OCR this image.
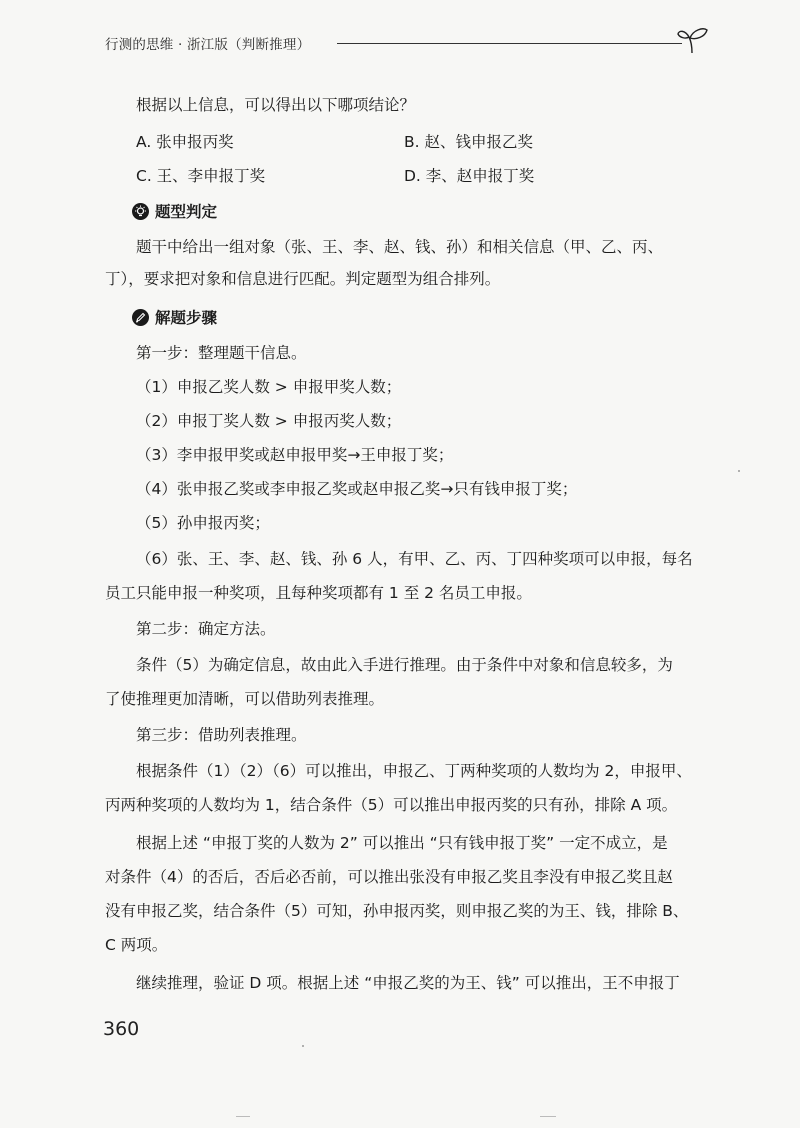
行测的思维 · 浙江版（判断推理）
根据以上信息，可以得出以下哪项结论？
A. 张申报丙奖	B. 赵、钱申报乙奖
C. 王、李申报丁奖	D. 李、赵申报丁奖
题型判定
题干中给出一组对象（张、王、李、赵、钱、孙）和相关信息（甲、乙、丙、
丁），要求把对象和信息进行匹配。判定题型为组合排列。
解题步骤
第一步：整理题干信息。
（1）申报乙奖人数 > 申报甲奖人数；
（2）申报丁奖人数 > 申报丙奖人数；
（3）李申报甲奖或赵申报甲奖→王申报丁奖；
（4）张申报乙奖或李申报乙奖或赵申报乙奖→只有钱申报丁奖；
（5）孙申报丙奖；
（6）张、王、李、赵、钱、孙 6 人，有甲、乙、丙、丁四种奖项可以申报，每名
员工只能申报一种奖项，且每种奖项都有 1 至 2 名员工申报。
第二步：确定方法。
条件（5）为确定信息，故由此入手进行推理。由于条件中对象和信息较多，为
了使推理更加清晰，可以借助列表推理。
第三步：借助列表推理。
根据条件（1）（2）（6）可以推出，申报乙、丁两种奖项的人数均为 2，申报甲、
丙两种奖项的人数均为 1，结合条件（5）可以推出申报丙奖的只有孙，排除 A 项。
根据上述 “申报丁奖的人数为 2” 可以推出 “只有钱申报丁奖” 一定不成立，是
对条件（4）的否后，否后必否前，可以推出张没有申报乙奖且李没有申报乙奖且赵
没有申报乙奖，结合条件（5）可知，孙申报丙奖，则申报乙奖的为王、钱，排除 B、
C 两项。
继续推理，验证 D 项。根据上述 “申报乙奖的为王、钱” 可以推出，王不申报丁
360
